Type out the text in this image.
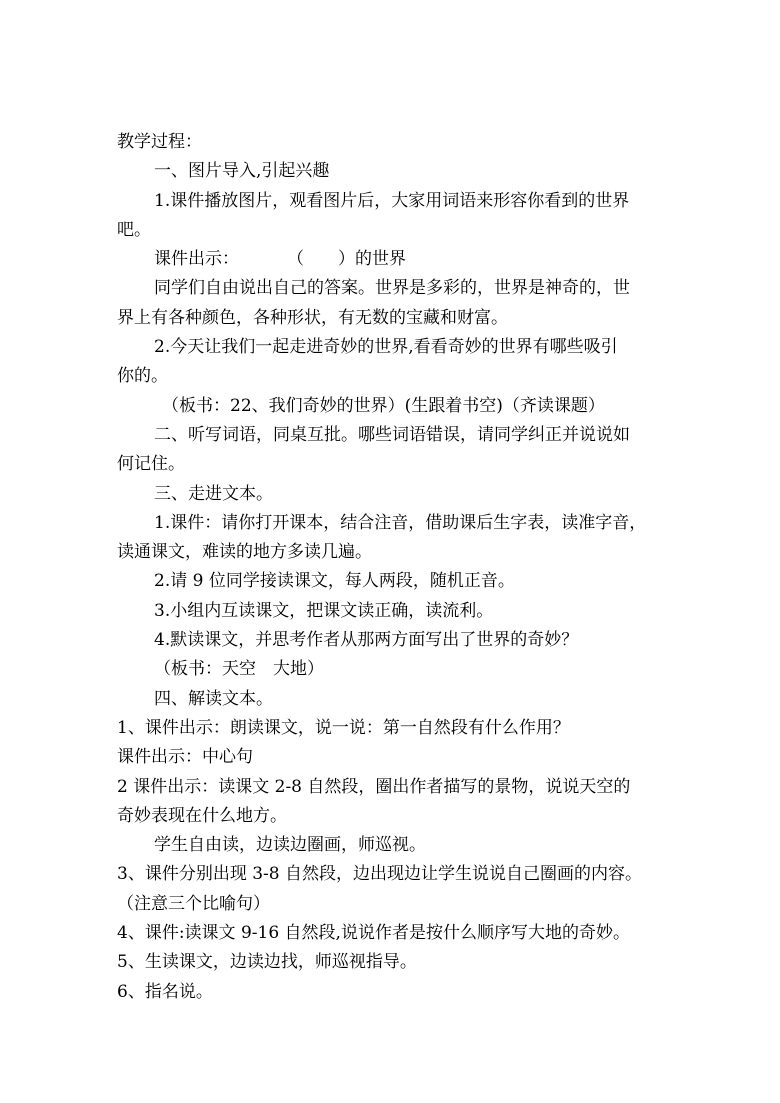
教学过程：

一、图片导入,引起兴趣

1.课件播放图片，观看图片后，大家用词语来形容你看到的世界

吧。

课件出示：	（　　）的世界

同学们自由说出自己的答案。世界是多彩的，世界是神奇的，世

界上有各种颜色，各种形状，有无数的宝藏和财富。

2.今天让我们一起走进奇妙的世界,看看奇妙的世界有哪些吸引

你的。

（板书：22、我们奇妙的世界）(生跟着书空)（齐读课题）

二、听写词语，同桌互批。哪些词语错误，请同学纠正并说说如

何记住。

三、走进文本。

1.课件：请你打开课本，结合注音，借助课后生字表，读准字音，

读通课文，难读的地方多读几遍。

2.请 9 位同学接读课文，每人两段，随机正音。

3.小组内互读课文，把课文读正确，读流利。

4.默读课文，并思考作者从那两方面写出了世界的奇妙？

（板书：天空　大地）

四、解读文本。

1、课件出示：朗读课文，说一说：第一自然段有什么作用？

课件出示：中心句

2 课件出示：读课文 2-8 自然段，圈出作者描写的景物，说说天空的

奇妙表现在什么地方。

学生自由读，边读边圈画，师巡视。

3、课件分别出现 3-8 自然段，边出现边让学生说说自己圈画的内容。

（注意三个比喻句）

4、课件:读课文 9-16 自然段,说说作者是按什么顺序写大地的奇妙。

5、生读课文，边读边找，师巡视指导。

6、指名说。
